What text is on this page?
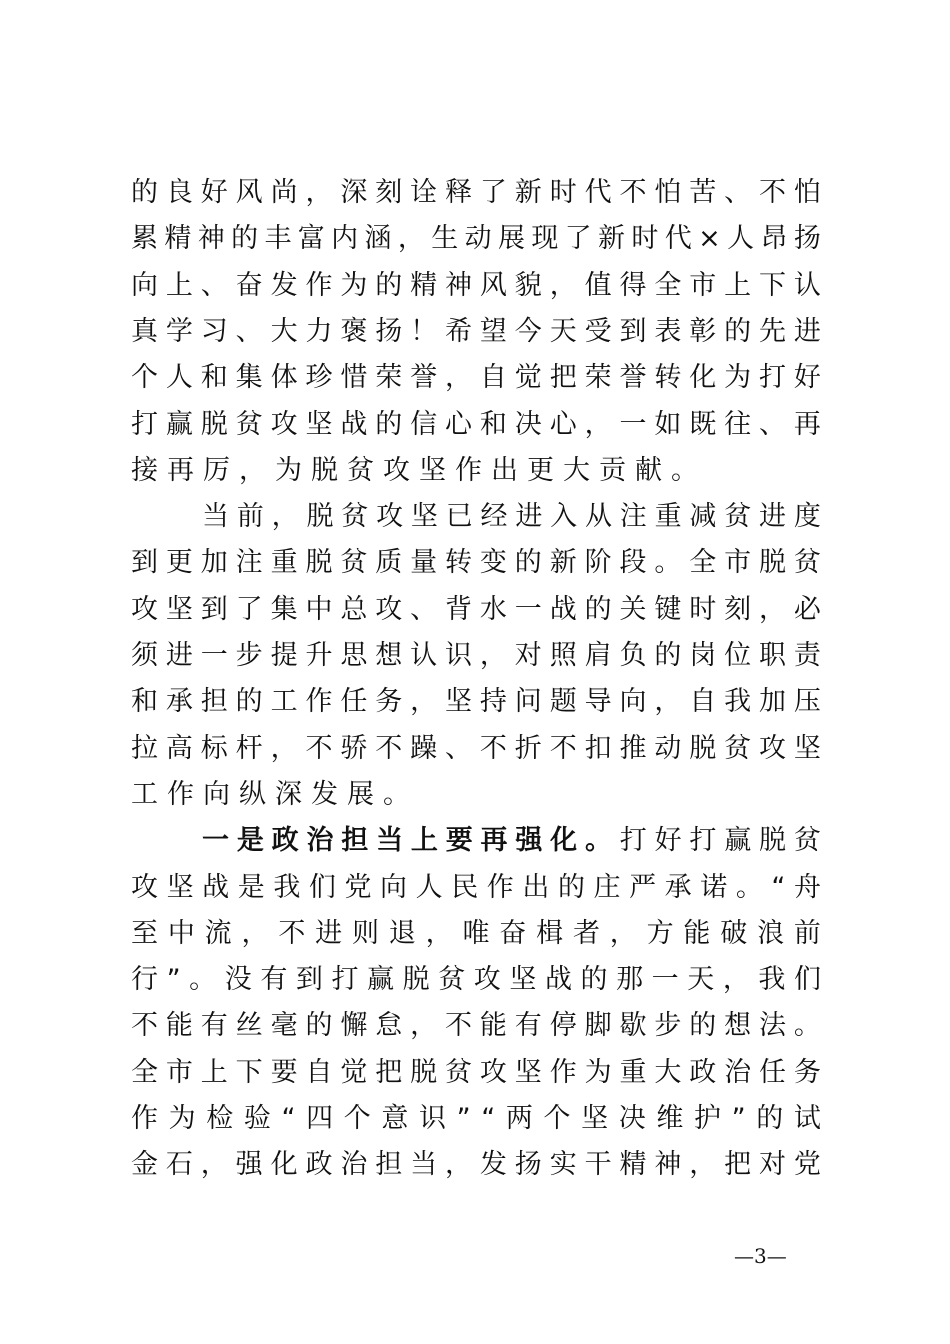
的 良 好 风 尚 ， 深 刻 诠 释 了 新 时 代 不 怕 苦 、 不 怕
累 精 神 的 丰 富 内 涵 ， 生 动 展 现 了 新 时 代 × 人 昂 扬
向 上 、 奋 发 作 为 的 精 神 风 貌 ， 值 得 全 市 上 下 认
真 学 习 、 大 力 褒 扬 ！ 希 望 今 天 受 到 表 彰 的 先 进
个 人 和 集 体 珍 惜 荣 誉 ， 自 觉 把 荣 誉 转 化 为 打 好
打 赢 脱 贫 攻 坚 战 的 信 心 和 决 心 ， 一 如 既 往 、 再
接 再 厉 ， 为 脱 贫 攻 坚 作 出 更 大 贡 献 。
当 前 ， 脱 贫 攻 坚 已 经 进 入 从 注 重 减 贫 进 度
到 更 加 注 重 脱 贫 质 量 转 变 的 新 阶 段 。 全 市 脱 贫
攻 坚 到 了 集 中 总 攻 、 背 水 一 战 的 关 键 时 刻 ， 必
须 进 一 步 提 升 思 想 认 识 ， 对 照 肩 负 的 岗 位 职 责
和 承 担 的 工 作 任 务 ， 坚 持 问 题 导 向 ， 自 我 加 压
拉 高 标 杆 ， 不 骄 不 躁 、 不 折 不 扣 推 动 脱 贫 攻 坚
工 作 向 纵 深 发 展 。
一 是 政 治 担 当 上 要 再 强 化 。 打 好 打 赢 脱 贫
攻 坚 战 是 我 们 党 向 人 民 作 出 的 庄 严 承 诺 。 “ 舟
至 中 流 ， 不 进 则 退 ， 唯 奋 楫 者 ， 方 能 破 浪 前
行 ” 。 没 有 到 打 赢 脱 贫 攻 坚 战 的 那 一 天 ， 我 们
不 能 有 丝 毫 的 懈 怠 ， 不 能 有 停 脚 歇 步 的 想 法 。
全 市 上 下 要 自 觉 把 脱 贫 攻 坚 作 为 重 大 政 治 任 务
作 为 检 验 “ 四 个 意 识 ” “ 两 个 坚 决 维 护 ” 的 试
金 石 ， 强 化 政 治 担 当 ， 发 扬 实 干 精 神 ， 把 对 党
—3—
